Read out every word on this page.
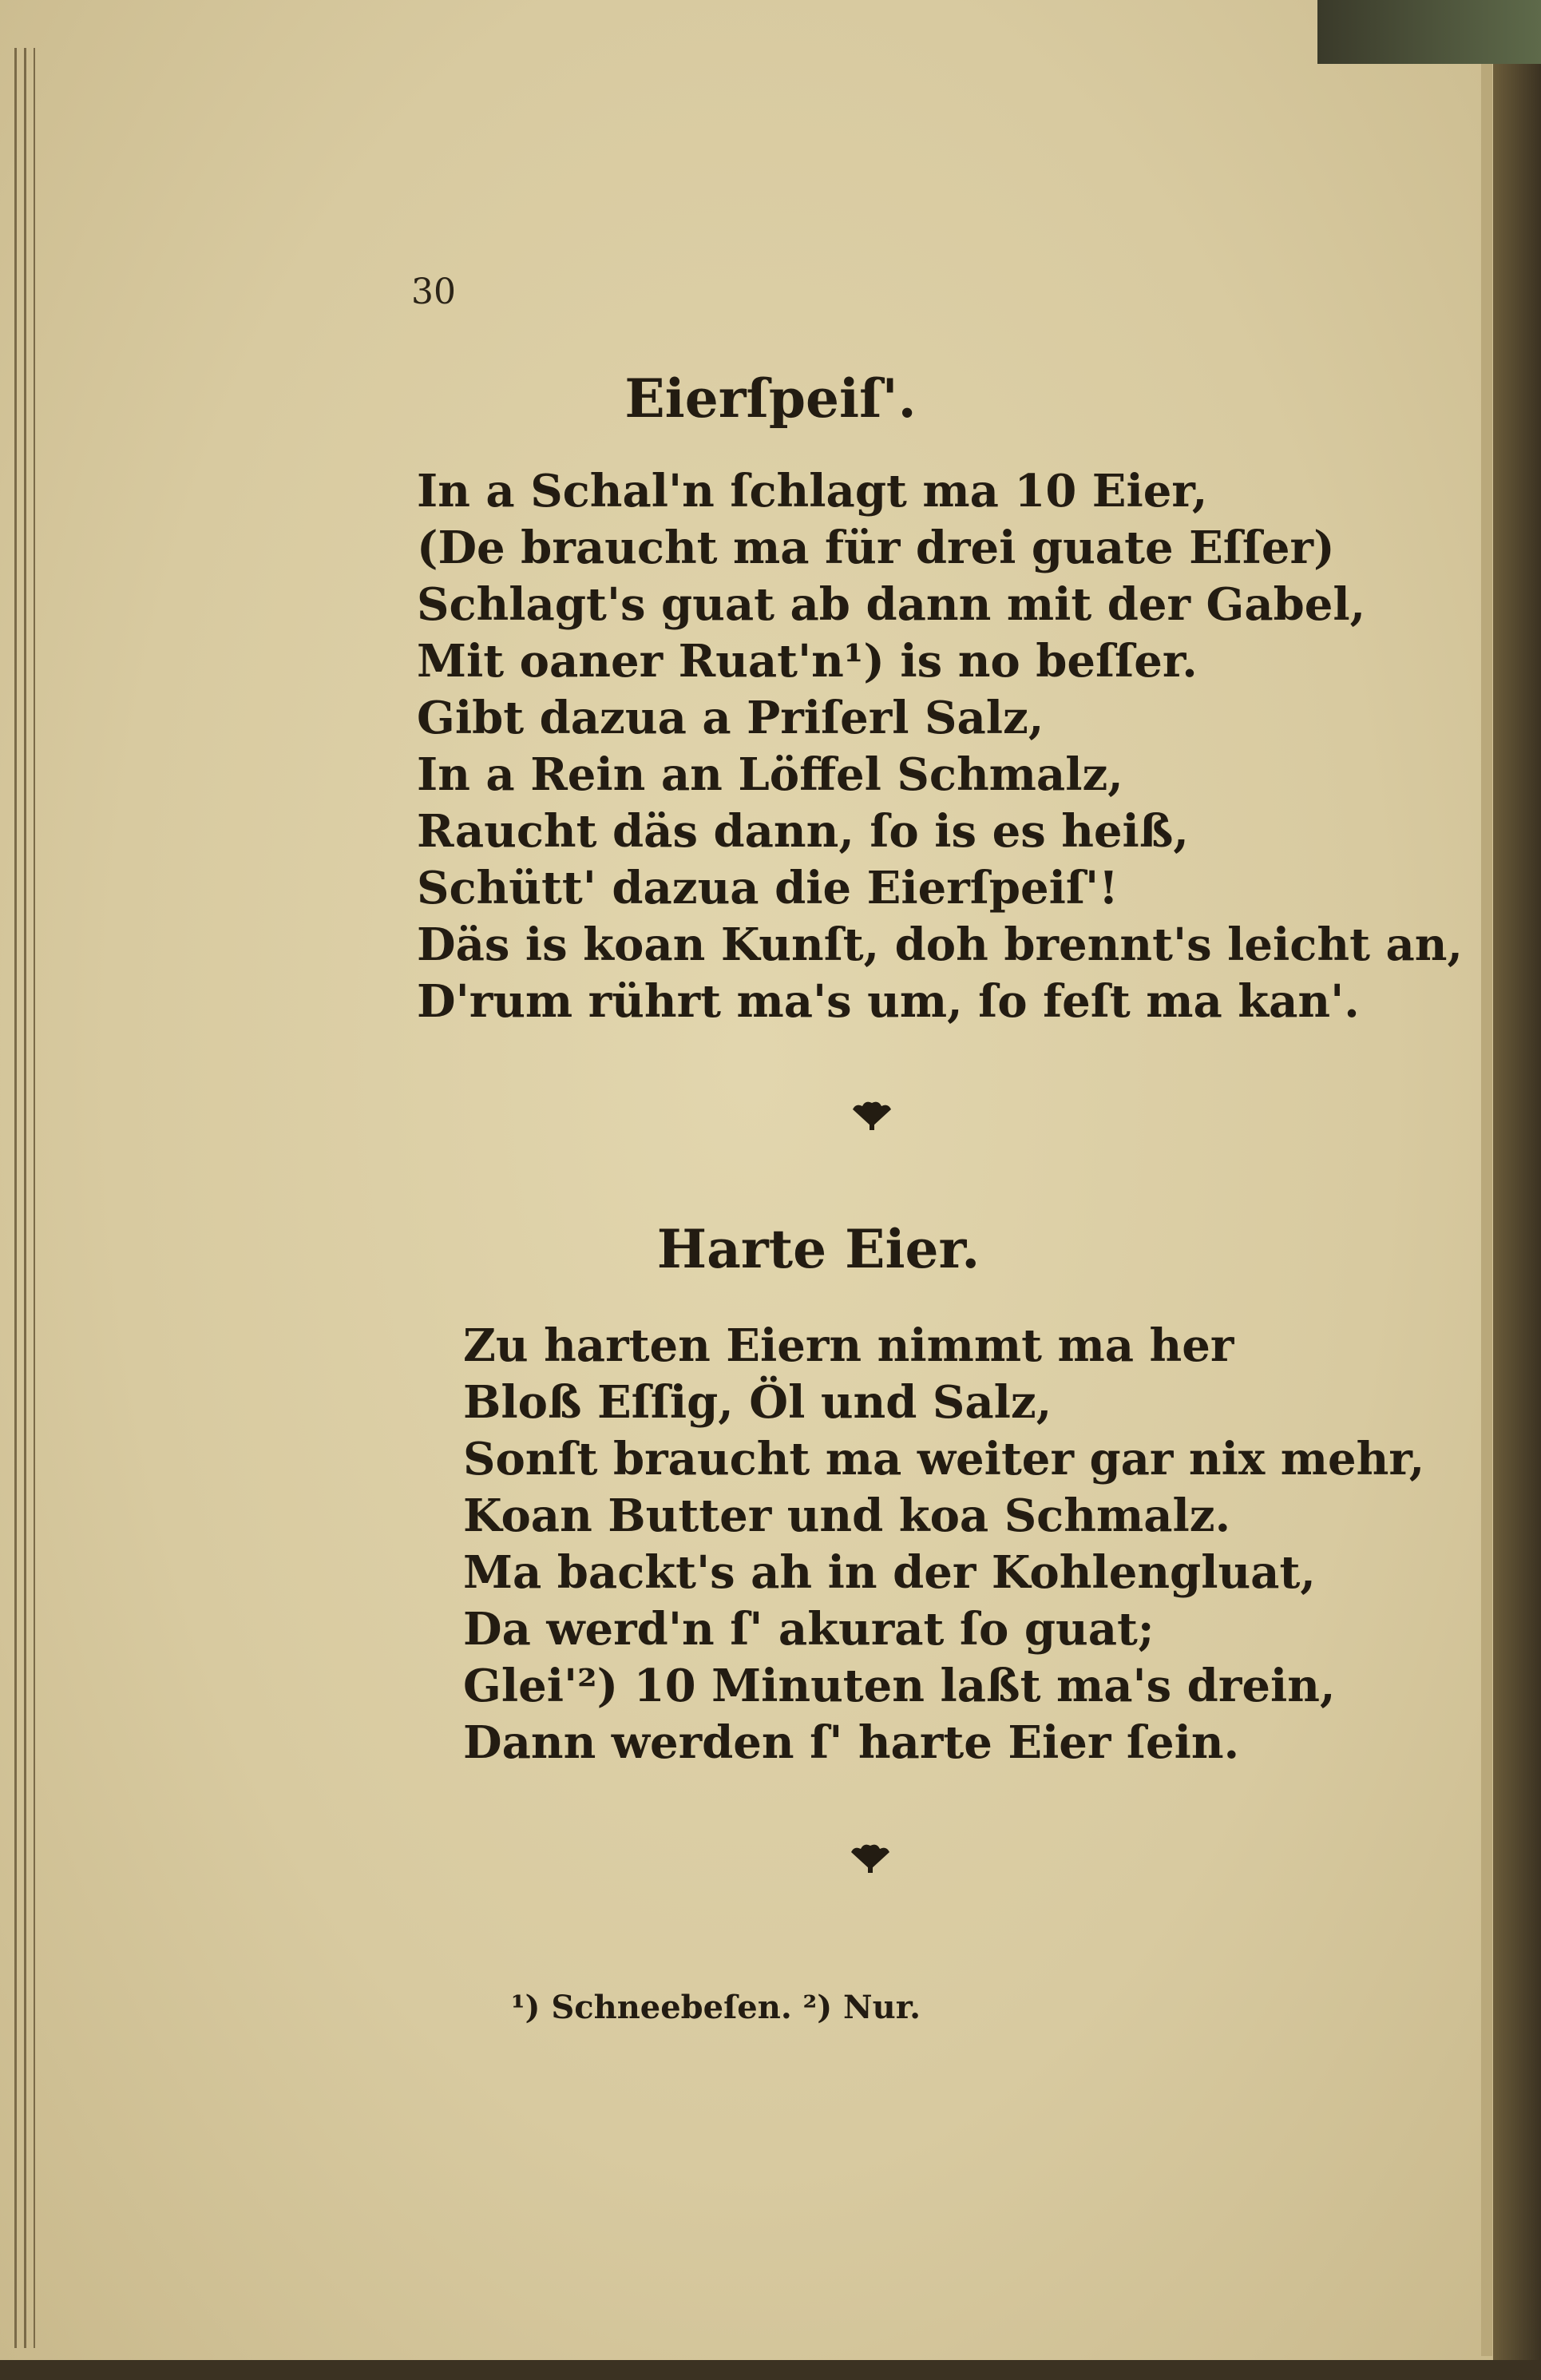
30
Eierſpeiſ'.
In a Schal'n ſchlagt ma 10 Eier,
(De braucht ma für drei guate Eſſer)
Schlagt's guat ab dann mit der Gabel,
Mit oaner Ruat'n¹) is no beſſer.
Gibt dazua a Priſerl Salz,
In a Rein an Löffel Schmalz,
Raucht däs dann, ſo is es heiß,
Schütt' dazua die Eierſpeiſ'!
Däs is koan Kunſt, doh brennt's leicht an,
D'rum rührt ma's um, ſo feſt ma kan'.
Harte Eier.
Zu harten Eiern nimmt ma her
Bloß Eſſig, Öl und Salz,
Sonſt braucht ma weiter gar nix mehr,
Koan Butter und koa Schmalz.
Ma backt's ah in der Kohlengluat,
Da werd'n ſ' akurat ſo guat;
Glei'²) 10 Minuten laßt ma's drein,
Dann werden ſ' harte Eier ſein.
¹) Schneebeſen. ²) Nur.
